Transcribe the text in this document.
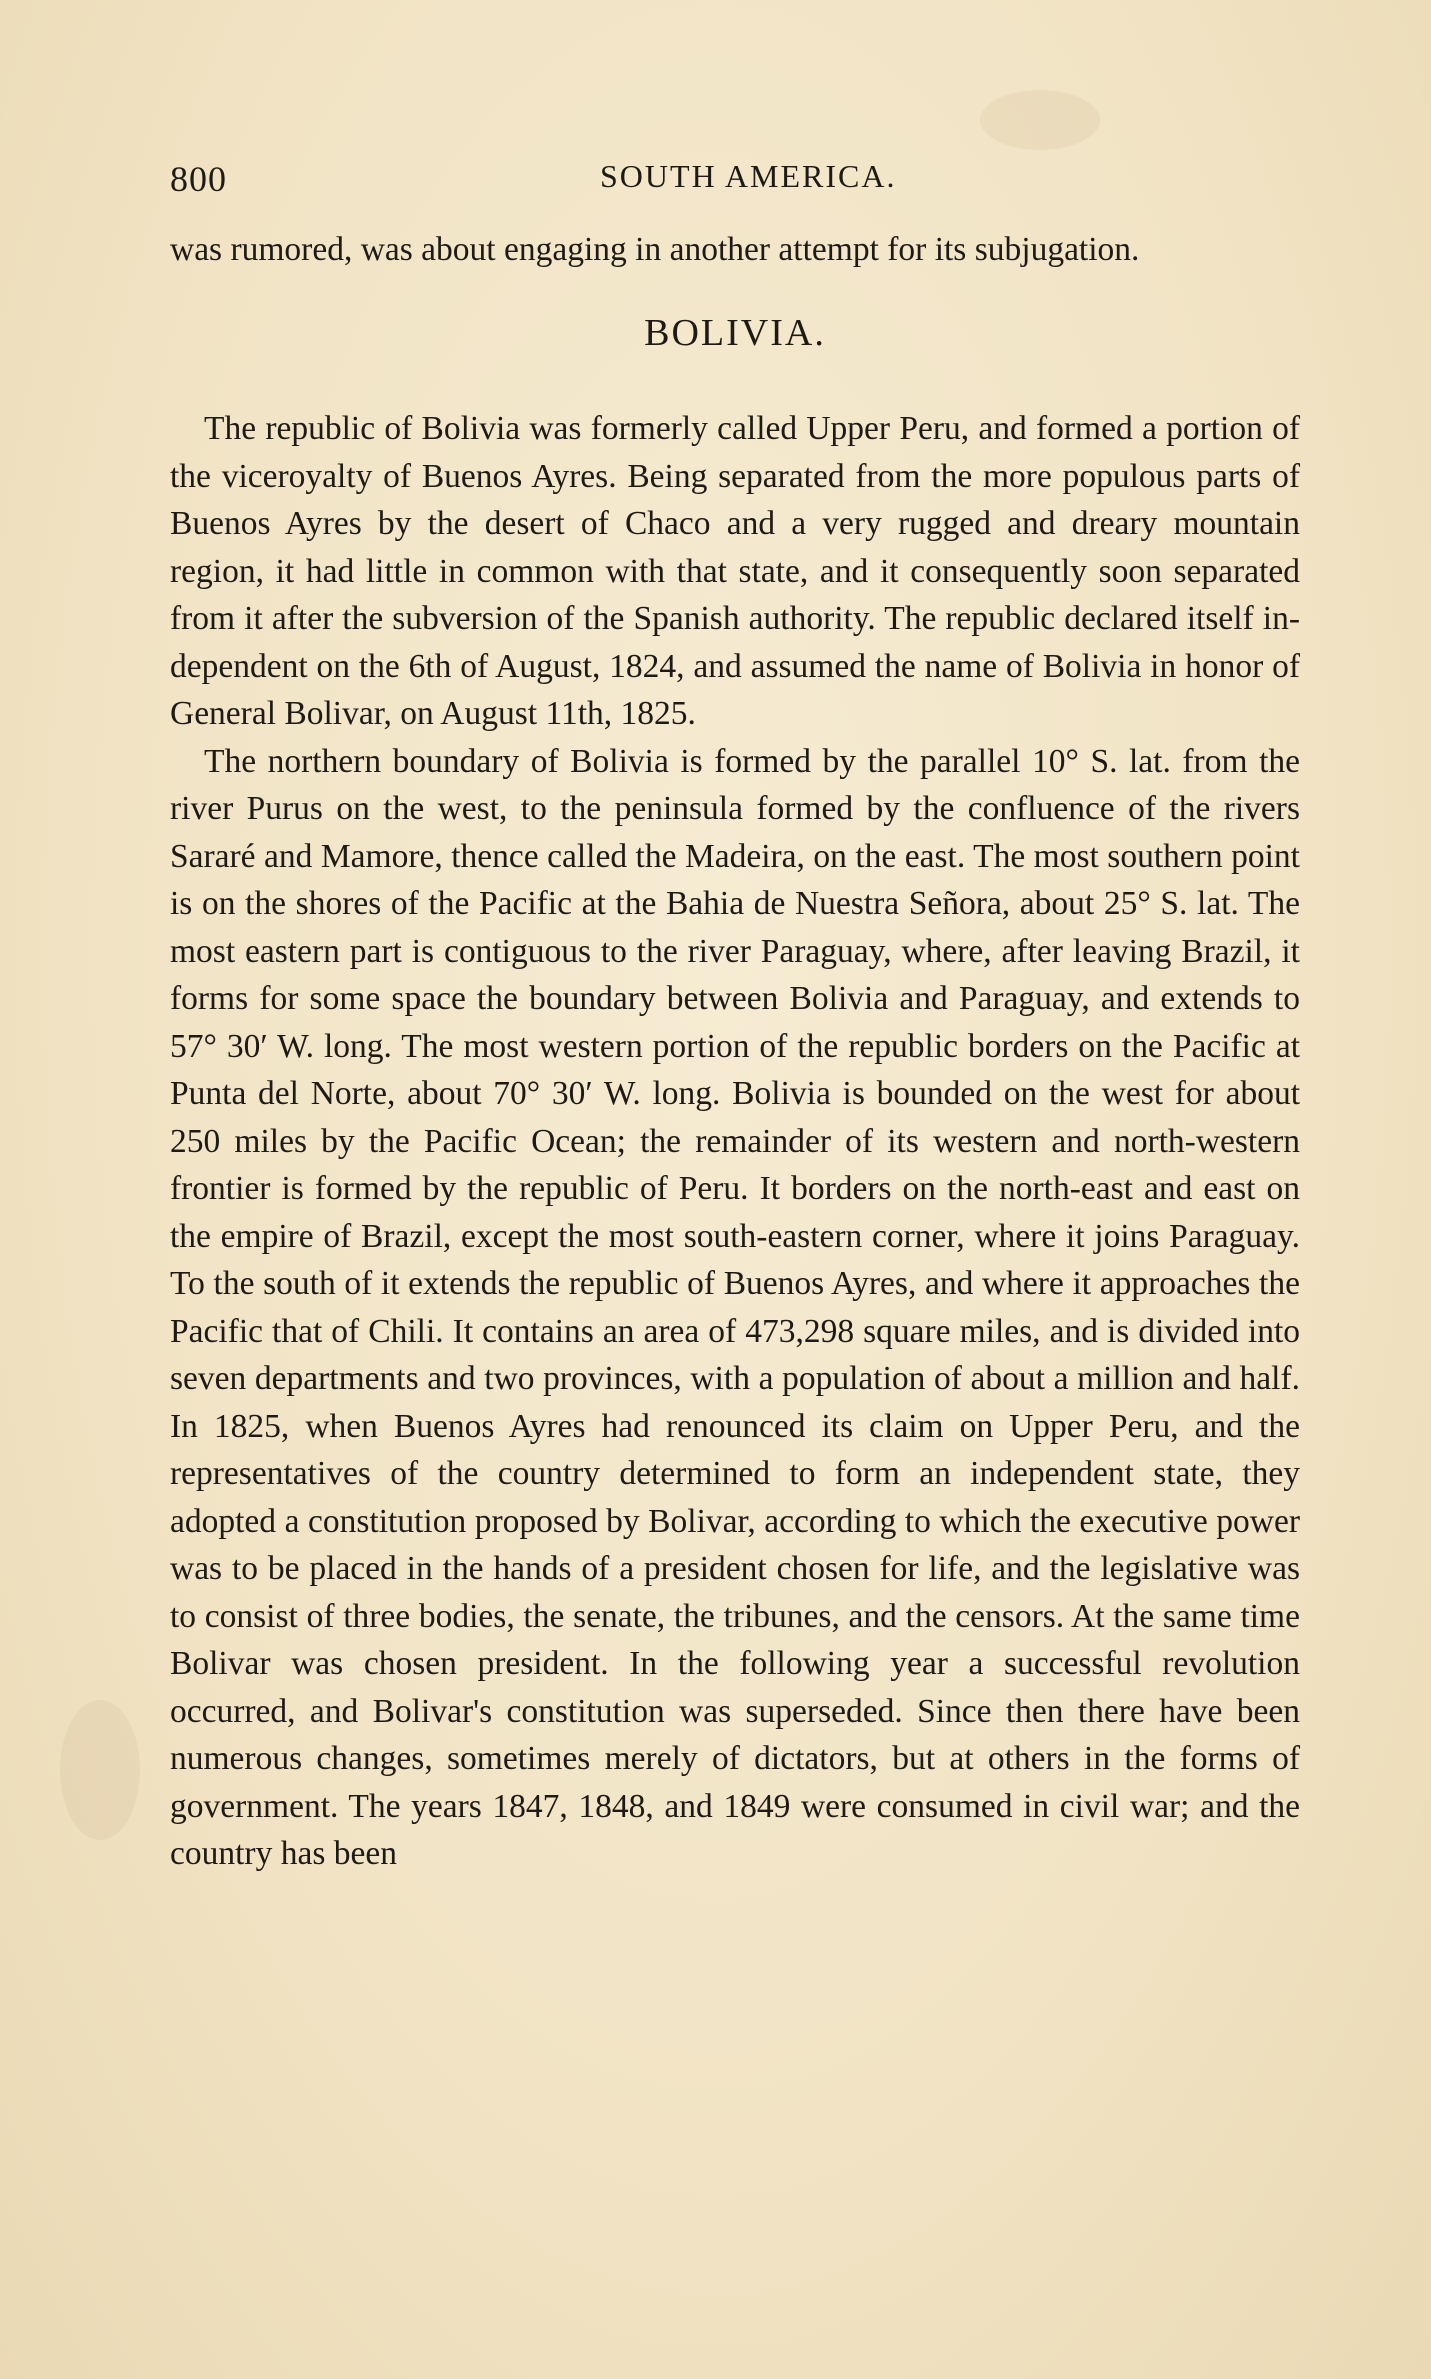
800	SOUTH AMERICA.

was rumored, was about engaging in another attempt for its subjugation.

BOLIVIA.

The republic of Bolivia was formerly called Upper Peru, and formed a portion of the viceroyalty of Buenos Ayres. Being separated from the more populous parts of Buenos Ayres by the desert of Chaco and a very rugged and dreary mountain region, it had little in common with that state, and it consequently soon separated from it after the subversion of the Spanish authority. The republic declared itself independent on the 6th of August, 1824, and assumed the name of Bolivia in honor of General Bolivar, on August 11th, 1825.

The northern boundary of Bolivia is formed by the parallel 10° S. lat. from the river Purus on the west, to the peninsula formed by the confluence of the rivers Sararé and Mamore, thence called the Madeira, on the east. The most southern point is on the shores of the Pacific at the Bahia de Nuestra Señora, about 25° S. lat. The most eastern part is contiguous to the river Paraguay, where, after leaving Brazil, it forms for some space the boundary between Bolivia and Paraguay, and extends to 57° 30′ W. long. The most western portion of the republic borders on the Pacific at Punta del Norte, about 70° 30′ W. long. Bolivia is bounded on the west for about 250 miles by the Pacific Ocean; the remainder of its western and north-western frontier is formed by the republic of Peru. It borders on the north-east and east on the empire of Brazil, except the most south-eastern corner, where it joins Paraguay. To the south of it extends the republic of Buenos Ayres, and where it approaches the Pacific that of Chili. It contains an area of 473,298 square miles, and is divided into seven departments and two provinces, with a population of about a million and half. In 1825, when Buenos Ayres had renounced its claim on Upper Peru, and the representatives of the country determined to form an independent state, they adopted a constitution proposed by Bolivar, according to which the executive power was to be placed in the hands of a president chosen for life, and the legislative was to consist of three bodies, the senate, the tribunes, and the censors. At the same time Bolivar was chosen president. In the following year a successful revolution occurred, and Bolivar's constitution was superseded. Since then there have been numerous changes, sometimes merely of dictators, but at others in the forms of government. The years 1847, 1848, and 1849 were consumed in civil war; and the country has been
